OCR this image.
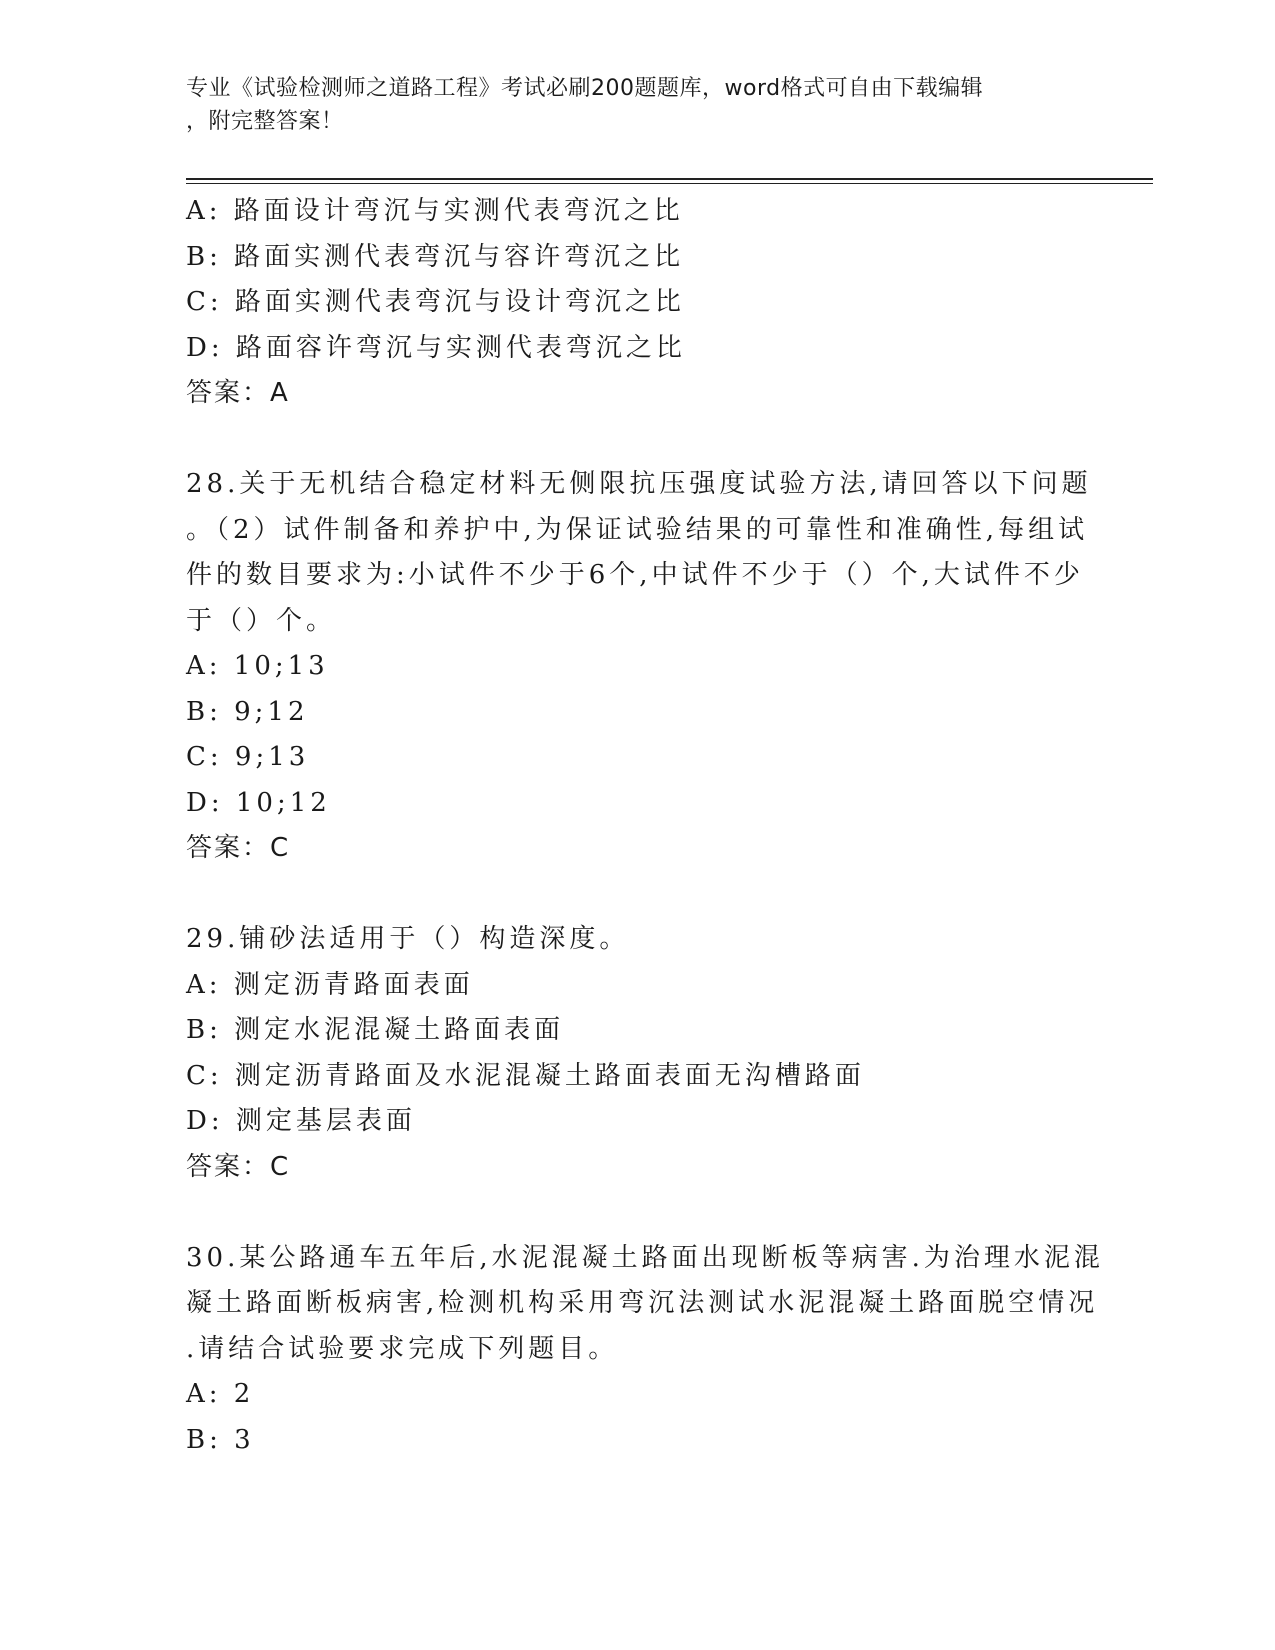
专业《试验检测师之道路工程》考试必刷200题题库，word格式可自由下载编辑
，附完整答案！
A: 路面设计弯沉与实测代表弯沉之比
B: 路面实测代表弯沉与容许弯沉之比
C: 路面实测代表弯沉与设计弯沉之比
D: 路面容许弯沉与实测代表弯沉之比
答案：A
28.关于无机结合稳定材料无侧限抗压强度试验方法,请回答以下问题
。（2）试件制备和养护中,为保证试验结果的可靠性和准确性,每组试
件的数目要求为:小试件不少于6个,中试件不少于（）个,大试件不少
于（）个。
A: 10;13
B: 9;12
C: 9;13
D: 10;12
答案：C
29.铺砂法适用于（）构造深度。
A: 测定沥青路面表面
B: 测定水泥混凝土路面表面
C: 测定沥青路面及水泥混凝土路面表面无沟槽路面
D: 测定基层表面
答案：C
30.某公路通车五年后,水泥混凝土路面出现断板等病害.为治理水泥混
凝土路面断板病害,检测机构采用弯沉法测试水泥混凝土路面脱空情况
.请结合试验要求完成下列题目。
A: 2
B: 3
